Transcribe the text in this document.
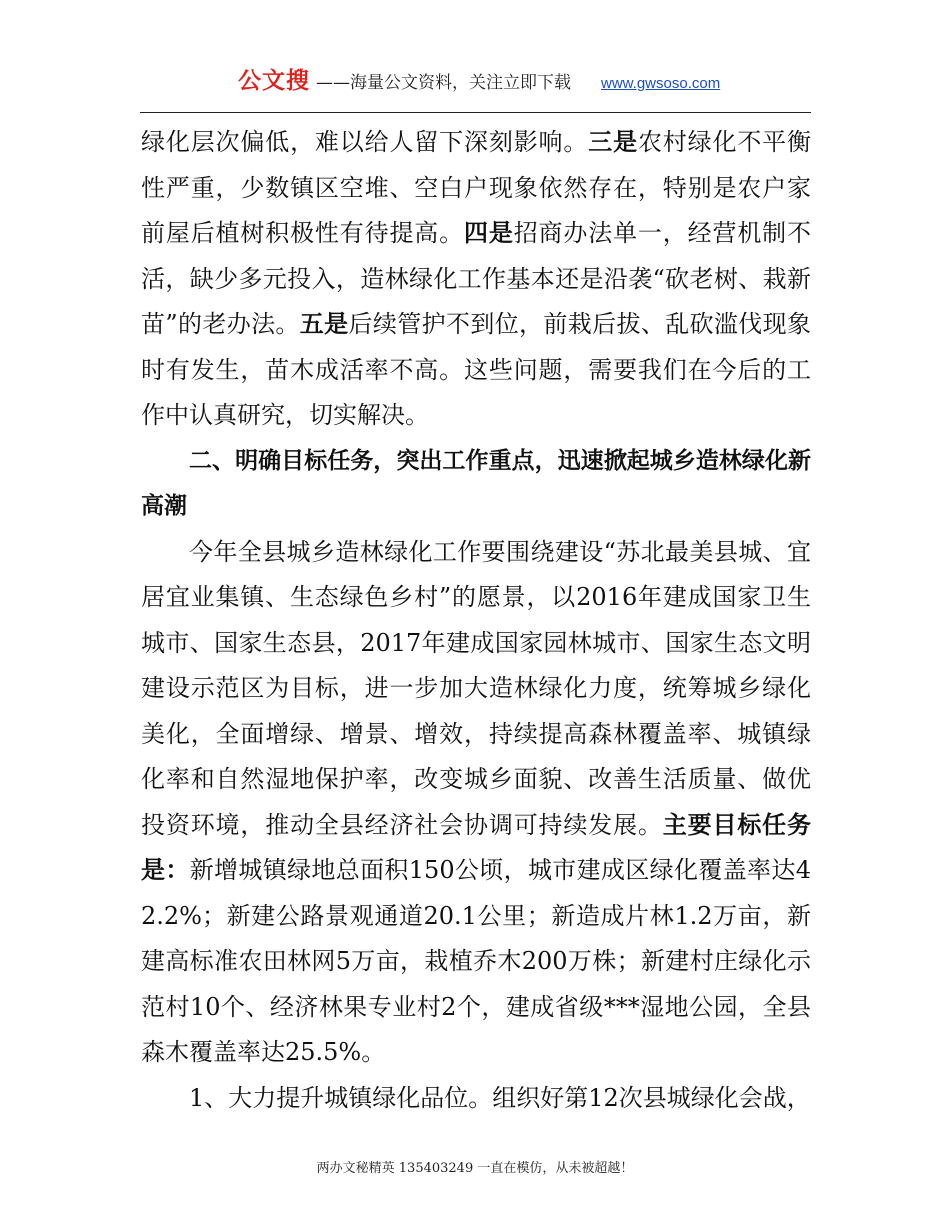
公文搜 ——海量公文资料，关注立即下载 www.gwsoso.com

绿化层次偏低，难以给人留下深刻影响。三是农村绿化不平衡性严重，少数镇区空堆、空白户现象依然存在，特别是农户家前屋后植树积极性有待提高。四是招商办法单一，经营机制不活，缺少多元投入，造林绿化工作基本还是沿袭“砍老树、栽新苗”的老办法。五是后续管护不到位，前栽后拔、乱砍滥伐现象时有发生，苗木成活率不高。这些问题，需要我们在今后的工作中认真研究，切实解决。

二、明确目标任务，突出工作重点，迅速掀起城乡造林绿化新高潮

今年全县城乡造林绿化工作要围绕建设“苏北最美县城、宜居宜业集镇、生态绿色乡村”的愿景，以2016年建成国家卫生城市、国家生态县，2017年建成国家园林城市、国家生态文明建设示范区为目标，进一步加大造林绿化力度，统筹城乡绿化美化，全面增绿、增景、增效，持续提高森林覆盖率、城镇绿化率和自然湿地保护率，改变城乡面貌、改善生活质量、做优投资环境，推动全县经济社会协调可持续发展。主要目标任务是：新增城镇绿地总面积150公顷，城市建成区绿化覆盖率达42.2%；新建公路景观通道20.1公里；新造成片林1.2万亩，新建高标准农田林网5万亩，栽植乔木200万株；新建村庄绿化示范村10个、经济林果专业村2个，建成省级***湿地公园，全县森木覆盖率达25.5%。

1、大力提升城镇绿化品位。组织好第12次县城绿化会战，

两办文秘精英 135403249 一直在模仿，从未被超越！
